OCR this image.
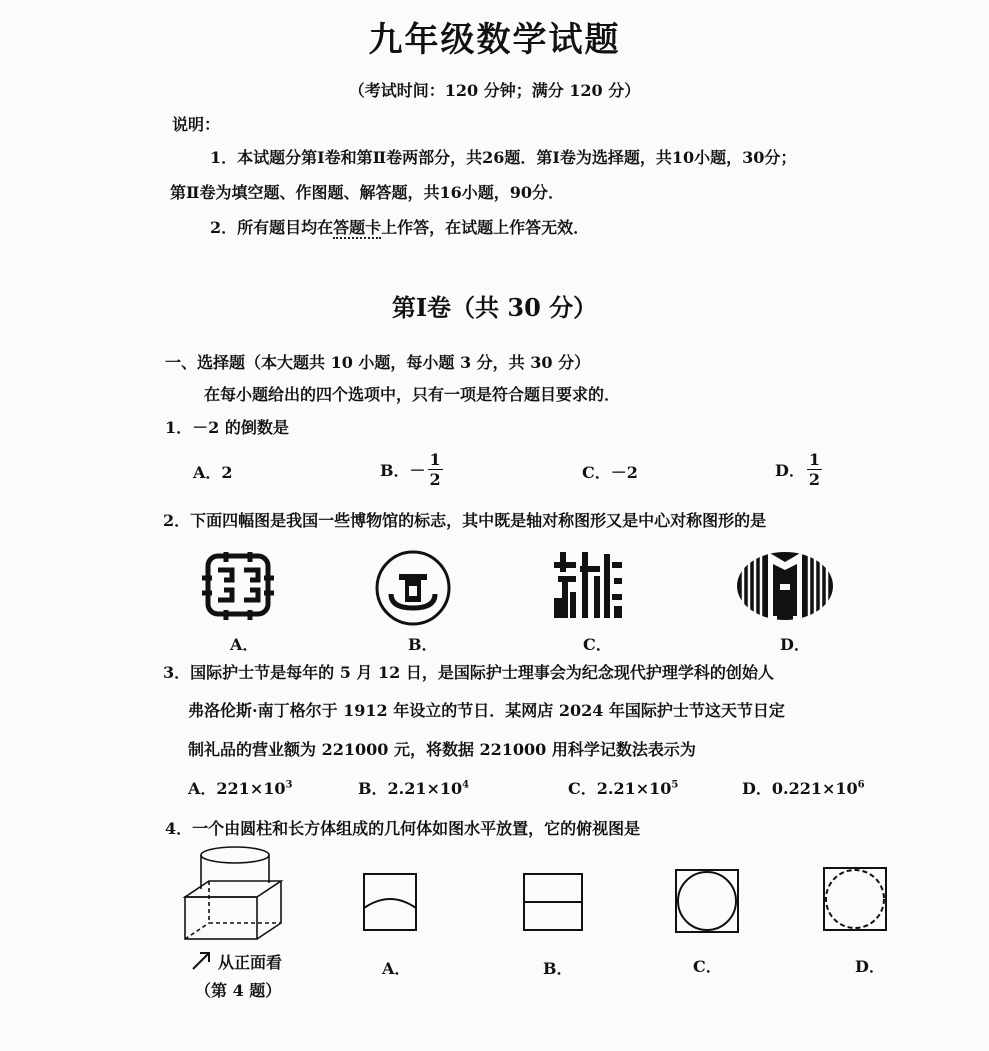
九年级数学试题
（考试时间：120 分钟；满分 120 分）
说明：
1．本试题分第Ⅰ卷和第Ⅱ卷两部分，共26题．第Ⅰ卷为选择题，共10小题，30分；
第Ⅱ卷为填空题、作图题、解答题，共16小题，90分．
2．所有题目均在答题卡上作答，在试题上作答无效．
第Ⅰ卷（共 30 分）
一、选择题（本大题共 10 小题，每小题 3 分，共 30 分）
在每小题给出的四个选项中，只有一项是符合题目要求的．
1．－2 的倒数是
A．2	B．－ $\frac{1}{2}$	C．－2	D． $\frac{1}{2}$
2．下面四幅图是我国一些博物馆的标志，其中既是轴对称图形又是中心对称图形的是
A．	B．	C．	D．
3．国际护士节是每年的 5 月 12 日，是国际护士理事会为纪念现代护理学科的创始人
弗洛伦斯·南丁格尔于 1912 年设立的节日．某网店 2024 年国际护士节这天节日定
制礼品的营业额为 221000 元，将数据 221000 用科学记数法表示为
A．$221\times 10^3$	B．$2.21\times 10^4$	C．$2.21\times 10^5$	D．$0.221\times 10^6$
4．一个由圆柱和长方体组成的几何体如图水平放置，它的俯视图是
从正面看
（第 4 题）
A．	B．	C．	D．
